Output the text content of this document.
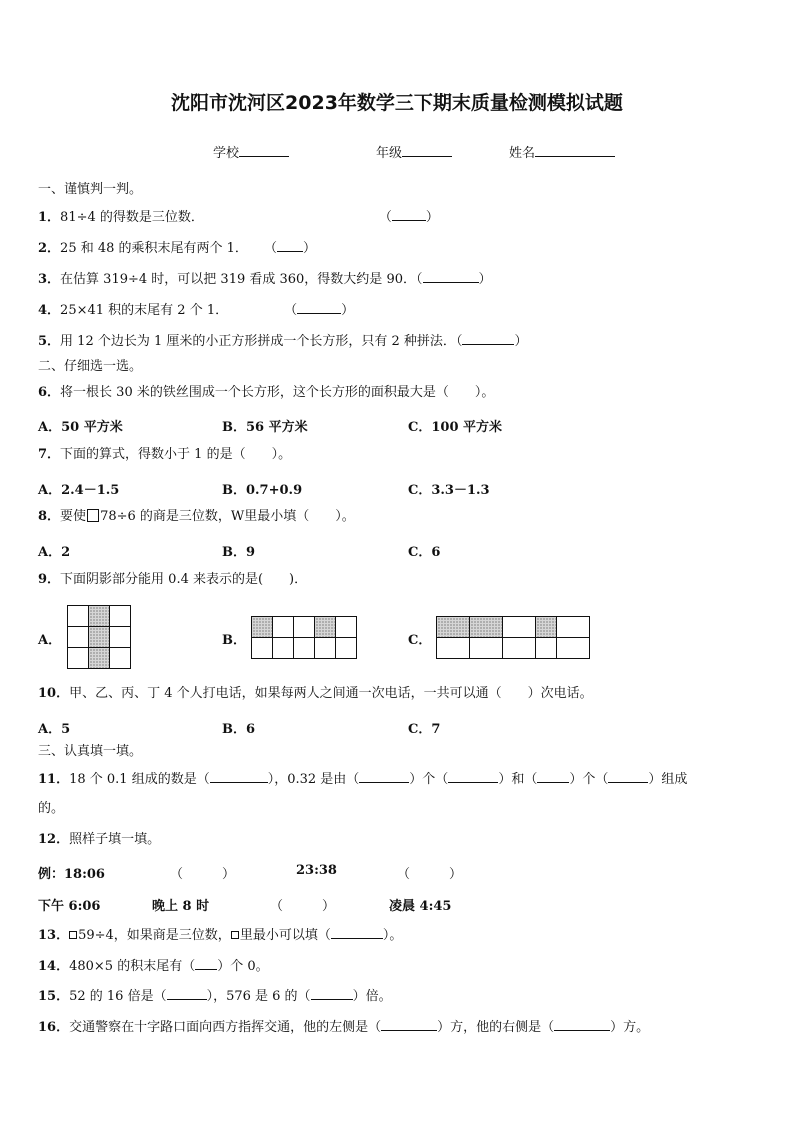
沈阳市沈河区2023年数学三下期末质量检测模拟试题
学校	年级	姓名
一、谨慎判一判。
1．81÷4 的得数是三位数．	（	）
2．25 和 48 的乘积末尾有两个 1． （ ）
3．在估算 319÷4 时，可以把 319 看成 360，得数大约是 90．（	）
4．25×41 积的末尾有 2 个 1．	（	）
5．用 12 个边长为 1 厘米的小正方形拼成一个长方形，只有 2 种拼法．（	）
二、仔细选一选。
6．将一根长 30 米的铁丝围成一个长方形，这个长方形的面积最大是（　　）。
A．50 平方米	B．56 平方米	C．100 平方米
7．下面的算式，得数小于 1 的是（　　）。
A．2.4－1.5	B．0.7+0.9	C．3.3－1.3
8．要使 78÷6 的商是三位数，W里最小填（　　）。
A．2	B．9	C．6
9．下面阴影部分能用 0.4 来表示的是(　　)．
A．

			B．

					C．

10．甲、乙、丙、丁 4 个人打电话，如果每两人之间通一次电话，一共可以通（　　）次电话。
A．5	B．6	C．7
三、认真填一填。
11．18 个 0.1 组成的数是（	），0.32 是由（	）个（	）和（ ）个（	）组成
的。
12．照样子填一填。
例：18:06	（　　　）	23:38	（　　　）
下午 6:06	晚上 8 时	（　　　）	凌晨 4:45
13． 59÷4，如果商是三位数， 里最小可以填（	）。
14．480×5 的积末尾有（ ）个 0。
15．52 的 16 倍是（	），576 是 6 的（	）倍。
16．交通警察在十字路口面向西方指挥交通，他的左侧是（	）方，他的右侧是（	）方。
